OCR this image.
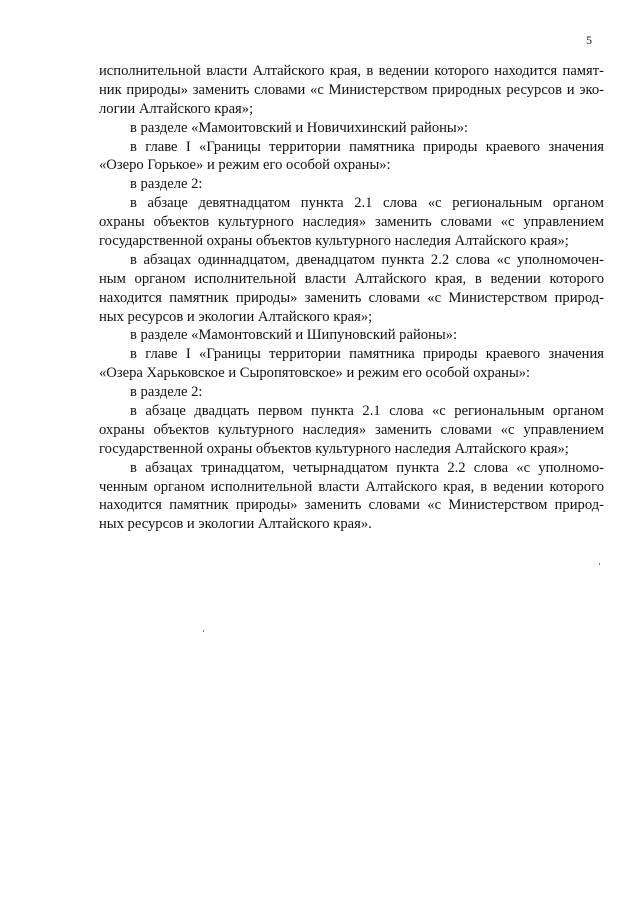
5
исполнительной власти Алтайского края, в ведении которого находится памят-
ник природы» заменить словами «с Министерством природных ресурсов и эко-
логии Алтайского края»;
в разделе «Мамоитовский и Новичихинский районы»:
в главе I «Границы территории памятника природы краевого значения
«Озеро Горькое» и режим его особой охраны»:
в разделе 2:
в абзаце девятнадцатом пункта 2.1 слова «с региональным органом
охраны объектов культурного наследия» заменить словами «с управлением
государственной охраны объектов культурного наследия Алтайского края»;
в абзацах одиннадцатом, двенадцатом пункта 2.2 слова «с уполномочен-
ным органом исполнительной власти Алтайского края, в ведении которого
находится памятник природы» заменить словами «с Министерством природ-
ных ресурсов и экологии Алтайского края»;
в разделе «Мамонтовский и Шипуновский районы»:
в главе I «Границы территории памятника природы краевого значения
«Озера Харьковское и Сыропятовское» и режим его особой охраны»:
в разделе 2:
в абзаце двадцать первом пункта 2.1 слова «с региональным органом
охраны объектов культурного наследия» заменить словами «с управлением
государственной охраны объектов культурного наследия Алтайского края»;
в абзацах тринадцатом, четырнадцатом пункта 2.2 слова «с уполномо-
ченным органом исполнительной власти Алтайского края, в ведении которого
находится памятник природы» заменить словами «с Министерством природ-
ных ресурсов и экологии Алтайского края».
